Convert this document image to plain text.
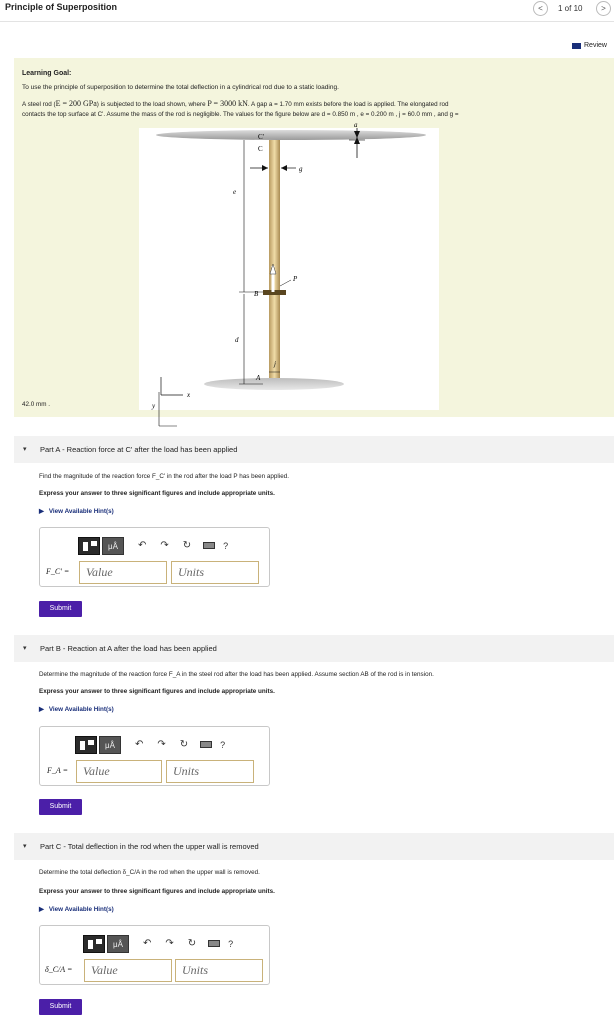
Principle of Superposition	<	1 of 10	>
Review
Learning Goal:
To use the principle of superposition to determine the total deflection in a cylindrical rod due to a static loading.
A steel rod (E = 200 GPa) is subjected to the load shown, where P = 3000 kN. A gap a = 1.70 mm exists before the load is applied. The elongated rod
contacts the top surface at C'. Assume the mass of the rod is negligible. The values for the figure below are d = 0.850 m , e = 0.200 m , j = 60.0 mm , and g =
a
C'
C
g
e
B
P
d
j
A
y
x
42.0 mm .
▾ Part A - Reaction force at C' after the load has been applied
Find the magnitude of the reaction force F_C' in the rod after the load P has been applied.
Express your answer to three significant figures and include appropriate units.
▶ View Available Hint(s)
μÅ	↶ ↷ ↻	?
F_C' =	Value	Units
Submit
▾ Part B - Reaction at A after the load has been applied
Determine the magnitude of the reaction force F_A in the steel rod after the load has been applied. Assume section AB of the rod is in tension.
Express your answer to three significant figures and include appropriate units.
▶ View Available Hint(s)
μÅ	↶ ↷ ↻	?
F_A =	Value	Units
Submit
▾ Part C - Total deflection in the rod when the upper wall is removed
Determine the total deflection δ_C/A in the rod when the upper wall is removed.
Express your answer to three significant figures and include appropriate units.
▶ View Available Hint(s)
μÅ	↶ ↷ ↻	?
δ_C/A =	Value	Units
Submit
